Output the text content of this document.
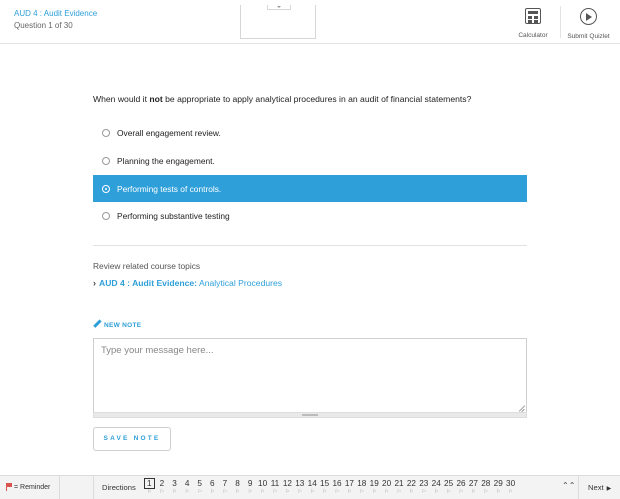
AUD 4 : Audit Evidence
Question 1 of 30
Calculator	Submit Quizlet
When would it not be appropriate to apply analytical procedures in an audit of financial statements?
Overall engagement review.
Planning the engagement.
Performing tests of controls.
Performing substantive testing
Review related course topics
› AUD 4 : Audit Evidence: Analytical Procedures
NEW NOTE
Type your message here...
SAVE NOTE
= Reminder	Directions	1
⚐
2
⚐
3
⚐
4
⚐
5
⚐
6
⚐
7
⚐
8
⚐
9
⚐
10
⚐
11
⚐
12
⚐
13
⚐
14
⚐
15
⚐
16
⚐
17
⚐
18
⚐
19
⚐
20
⚐
21
⚐
22
⚐
23
⚐
24
⚐
25
⚐
26
⚐
27
⚐
28
⚐
29
⚐
30
⚐
⌃⌃	Next ▶
